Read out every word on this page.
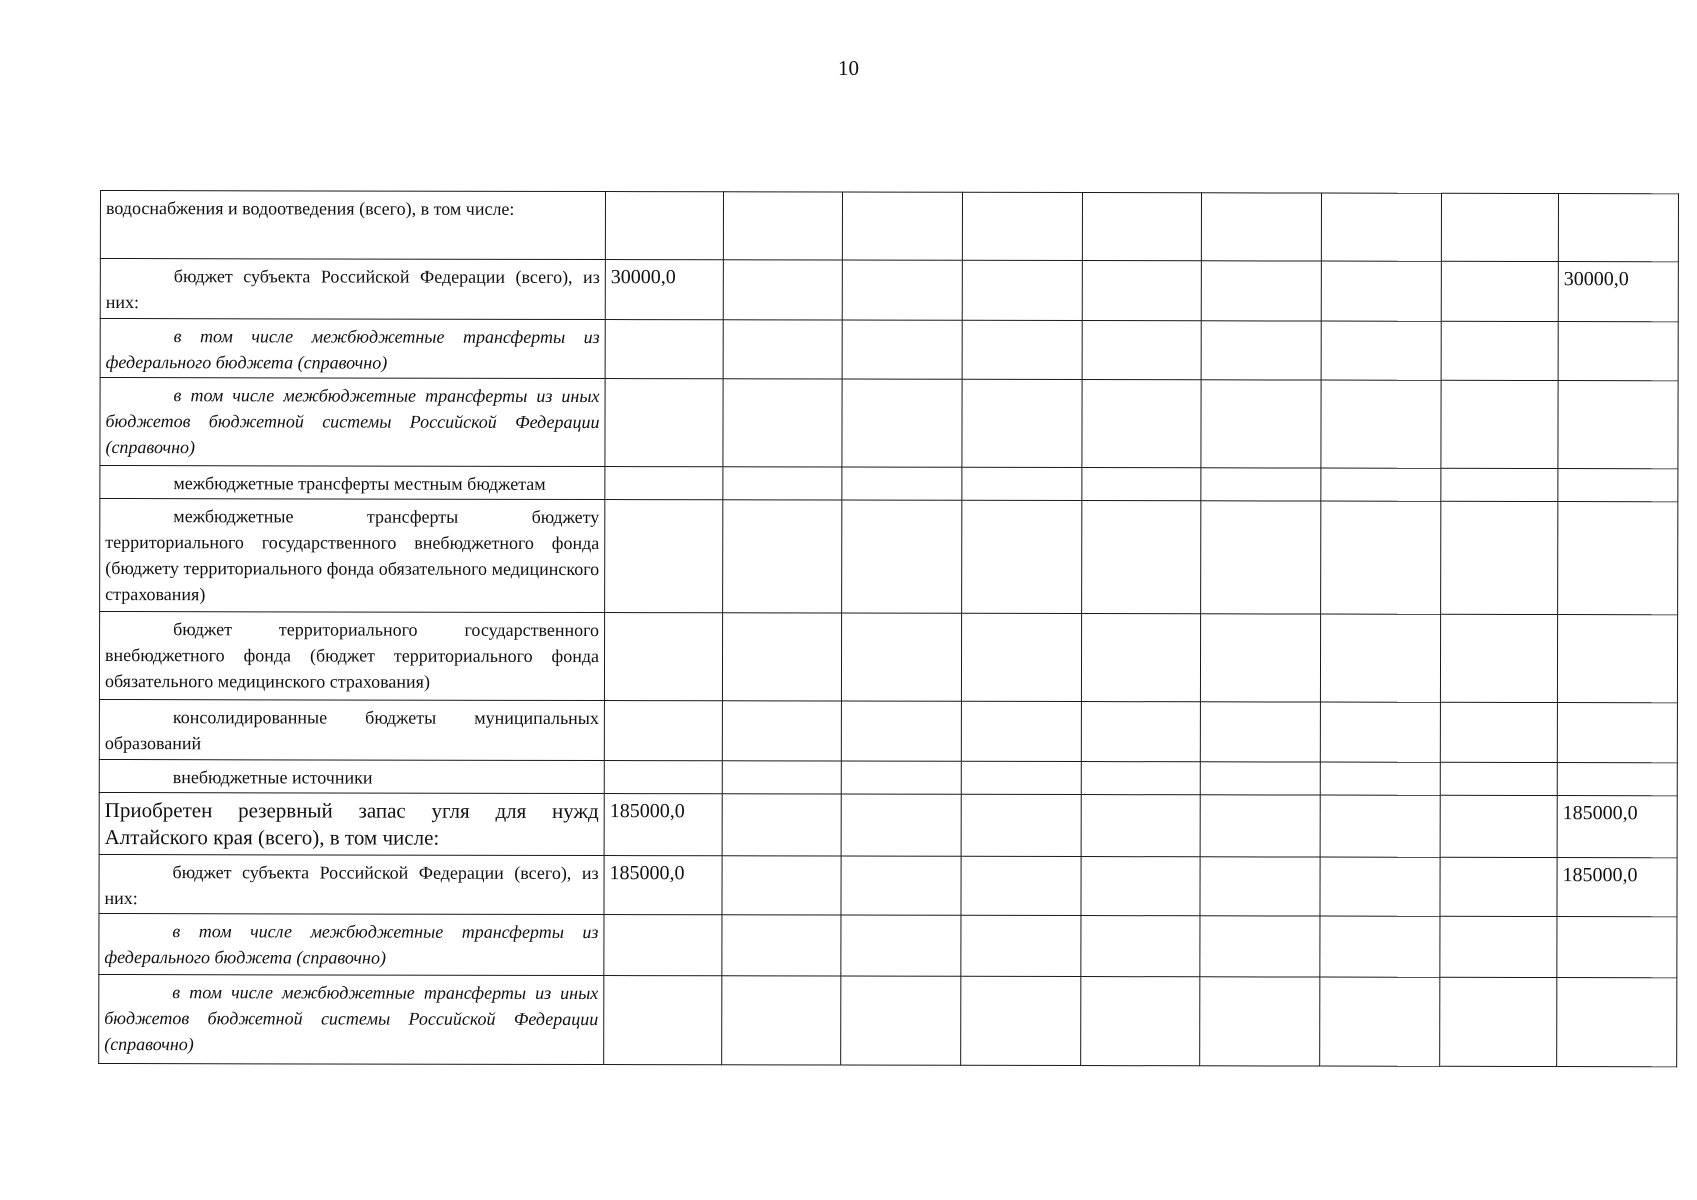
10
водоснабжения и водоотведения (всего), в том числе:									

бюджет субъекта Российской Федерации (всего), из них:	30000,0								30000,0

в том числе межбюджетные трансферты из федерального бюджета (справочно)									

в том числе межбюджетные трансферты из иных бюджетов бюджетной системы Российской Федерации (справочно)									

межбюджетные трансферты местным бюджетам									

межбюджетные трансферты бюджету территориального государственного внебюджетного фонда (бюджету территориального фонда обязательного медицинского страхования)									

бюджет территориального государственного внебюджетного фонда (бюджет территориального фонда обязательного медицинского страхования)									

консолидированные бюджеты муниципальных образований									

внебюджетные источники									

Приобретен резервный запас угля для нужд Алтайского края (всего), в том числе:	185000,0								185000,0

бюджет субъекта Российской Федерации (всего), из них:	185000,0								185000,0

в том числе межбюджетные трансферты из федерального бюджета (справочно)									

в том числе межбюджетные трансферты из иных бюджетов бюджетной системы Российской Федерации (справочно)									
